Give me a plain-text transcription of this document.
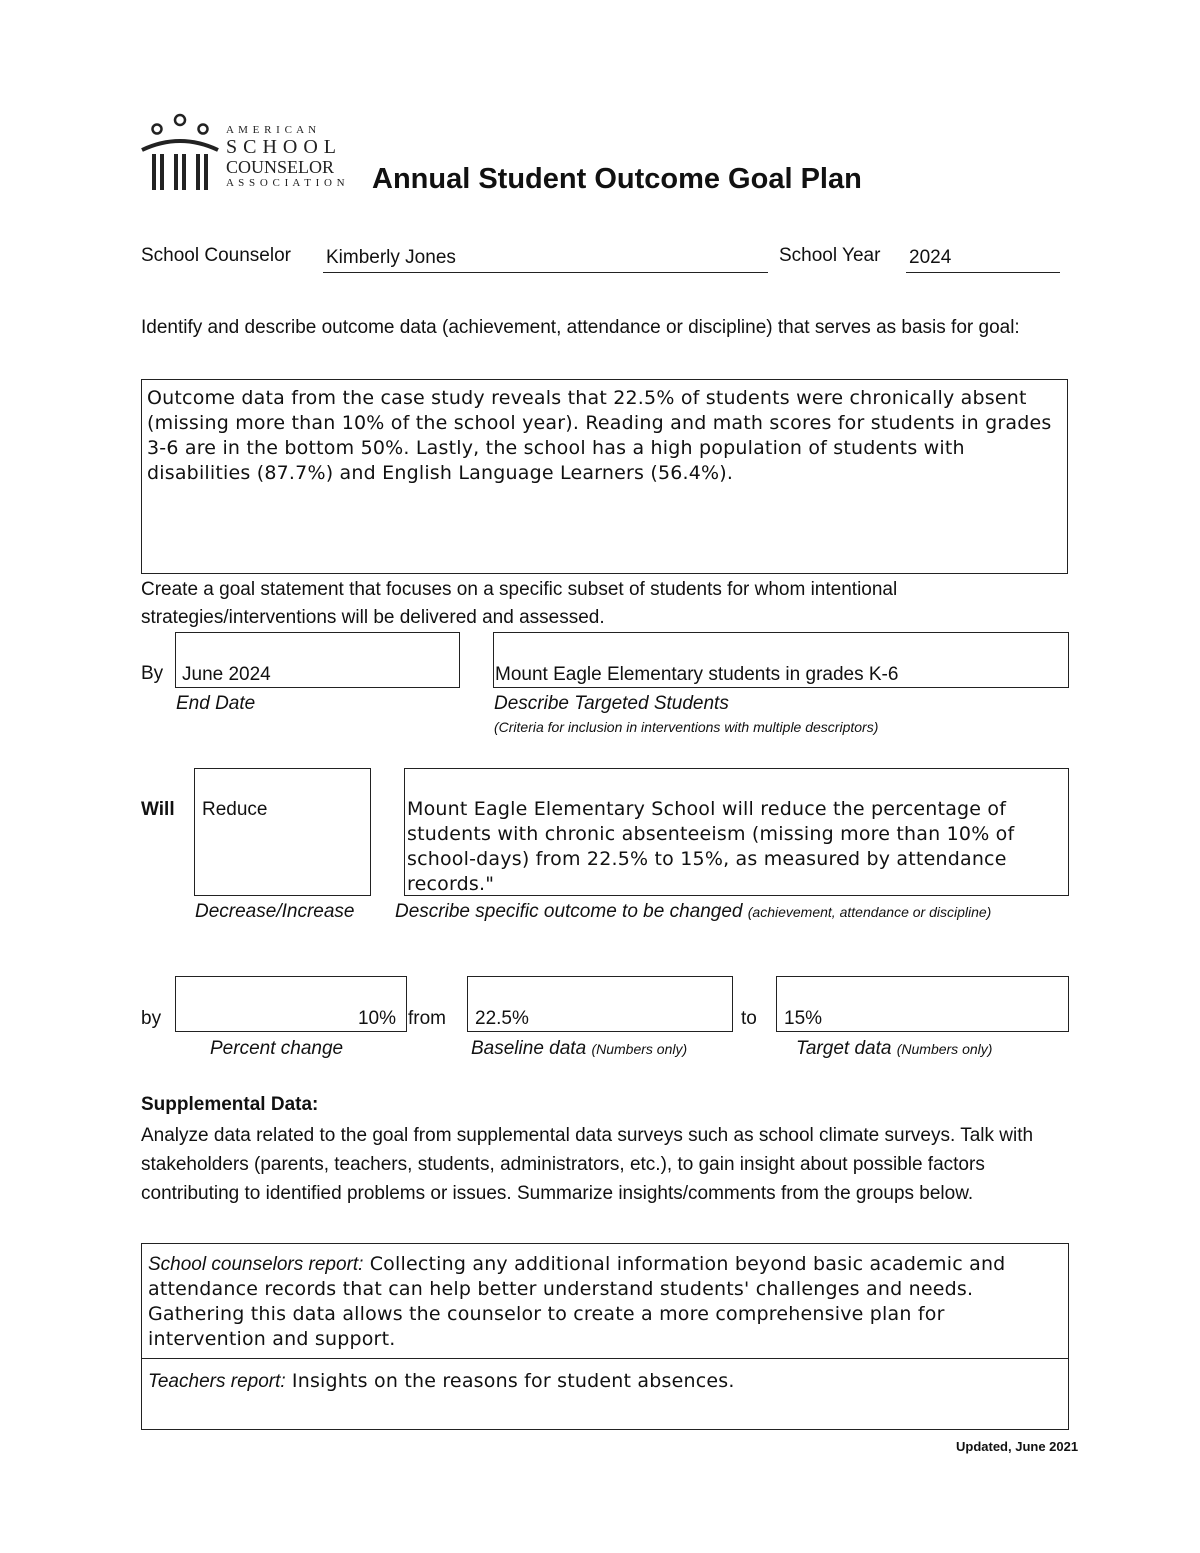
A M E R I C A N
S C H O O L
COUNSELOR
A S S O C I A T I O N Annual Student Outcome Goal Plan
School Counselor Kimberly Jones	School Year 2024
Identify and describe outcome data (achievement, attendance or discipline) that serves as basis for goal:
Outcome data from the case study reveals that 22.5% of students were chronically absent (missing more than 10% of the school year). Reading and math scores for students in grades 3-6 are in the bottom 50%. Lastly, the school has a high population of students with disabilities (87.7%) and English Language Learners (56.4%).
Create a goal statement that focuses on a specific subset of students for whom intentional strategies/interventions will be delivered and assessed.
By June 2024
End Date
Mount Eagle Elementary students in grades K-6
Describe Targeted Students
(Criteria for inclusion in interventions with multiple descriptors)
Will Reduce
Decrease/Increase
Mount Eagle Elementary School will reduce the percentage of students with chronic absenteeism (missing more than 10% of school-days) from 22.5% to 15%, as measured by attendance records."
Describe specific outcome to be changed (achievement, attendance or discipline)
by	10%
Percent change
from 22.5%
Baseline data (Numbers only)
to 15%
Target data (Numbers only)
Supplemental Data:
Analyze data related to the goal from supplemental data surveys such as school climate surveys. Talk with stakeholders (parents, teachers, students, administrators, etc.), to gain insight about possible factors contributing to identified problems or issues. Summarize insights/comments from the groups below.
School counselors report: Collecting any additional information beyond basic academic and attendance records that can help better understand students' challenges and needs. Gathering this data allows the counselor to create a more comprehensive plan for intervention and support.
Teachers report: Insights on the reasons for student absences.
Updated, June 2021
